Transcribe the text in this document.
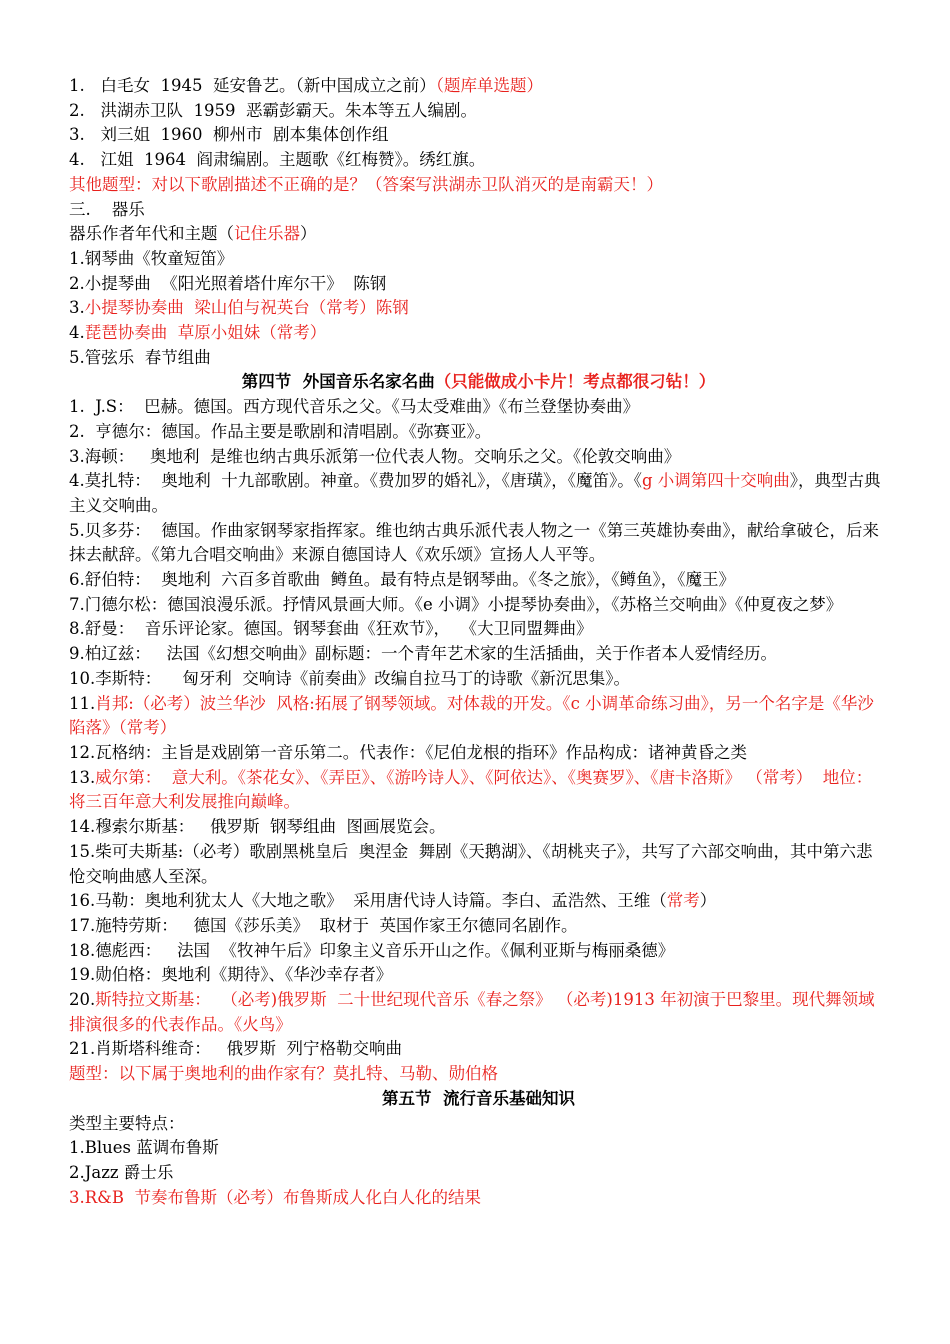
1.   白毛女  1945  延安鲁艺。（新中国成立之前）（题库单选题）
2.   洪湖赤卫队  1959  恶霸彭霸天。朱本等五人编剧。
3.   刘三姐  1960  柳州市  剧本集体创作组
4.   江姐  1964  阎肃编剧。主题歌《红梅赞》。绣红旗。
其他题型：对以下歌剧描述不正确的是？（答案写洪湖赤卫队消灭的是南霸天！）
三.    器乐
器乐作者年代和主题（记住乐器）
1.钢琴曲《牧童短笛》
2.小提琴曲  《阳光照着塔什库尔干》  陈钢
3.小提琴协奏曲  梁山伯与祝英台（常考）陈钢
4.琵琶协奏曲  草原小姐妹（常考）
5.管弦乐  春节组曲
第四节  外国音乐名家名曲（只能做成小卡片！考点都很刁钻！）
1.  J.S：  巴赫。德国。西方现代音乐之父。《马太受难曲》《布兰登堡协奏曲》
2.  亨德尔：德国。作品主要是歌剧和清唱剧。《弥赛亚》。
3.海顿：   奥地利  是维也纳古典乐派第一位代表人物。交响乐之父。《伦敦交响曲》
4.莫扎特：  奥地利  十九部歌剧。神童。《费加罗的婚礼》，《唐璜》，《魔笛》。《g 小调第四十交响曲》，典型古典主义交响曲。
5.贝多芬：  德国。作曲家钢琴家指挥家。维也纳古典乐派代表人物之一《第三英雄协奏曲》，献给拿破仑，后来抹去献辞。《第九合唱交响曲》来源自德国诗人《欢乐颂》宣扬人人平等。
6.舒伯特：  奥地利  六百多首歌曲  鳟鱼。最有特点是钢琴曲。《冬之旅》，《鳟鱼》，《魔王》
7.门德尔松：德国浪漫乐派。抒情风景画大师。《e 小调》小提琴协奏曲》，《苏格兰交响曲》《仲夏夜之梦》
8.舒曼：  音乐评论家。德国。钢琴套曲《狂欢节》，  《大卫同盟舞曲》
9.柏辽兹：   法国《幻想交响曲》副标题：一个青年艺术家的生活插曲，关于作者本人爱情经历。
10.李斯特：    匈牙利  交响诗《前奏曲》改编自拉马丁的诗歌《新沉思集》。
11.肖邦:（必考）波兰华沙  风格:拓展了钢琴领域。对体裁的开发。《c 小调革命练习曲》，另一个名字是《华沙陷落》（常考）
12.瓦格纳：主旨是戏剧第一音乐第二。代表作：《尼伯龙根的指环》作品构成：诸神黄昏之类
13.威尔第：  意大利。《茶花女》、《弄臣》、《游吟诗人》、《阿依达》、《奥赛罗》、《唐卡洛斯》 （常考）  地位：将三百年意大利发展推向巅峰。
14.穆索尔斯基：   俄罗斯  钢琴组曲  图画展览会。
15.柴可夫斯基:（必考）歌剧黑桃皇后  奥涅金  舞剧《天鹅湖》、《胡桃夹子》，共写了六部交响曲，其中第六悲怆交响曲感人至深。
16.马勒：奥地利犹太人《大地之歌》  采用唐代诗人诗篇。李白、孟浩然、王维（常考）
17.施特劳斯：   德国《莎乐美》  取材于  英国作家王尔德同名剧作。
18.德彪西：   法国  《牧神午后》印象主义音乐开山之作。《佩利亚斯与梅丽桑德》
19.勋伯格：奥地利《期待》、《华沙幸存者》
20.斯特拉文斯基：  （必考)俄罗斯  二十世纪现代音乐《春之祭》 （必考)1913 年初演于巴黎里。现代舞领域排演很多的代表作品。《火鸟》
21.肖斯塔科维奇：   俄罗斯  列宁格勒交响曲
题型：以下属于奥地利的曲作家有？莫扎特、马勒、勋伯格
第五节  流行音乐基础知识
类型主要特点：
1.Blues 蓝调布鲁斯
2.Jazz 爵士乐
3.R&B  节奏布鲁斯（必考）布鲁斯成人化白人化的结果
